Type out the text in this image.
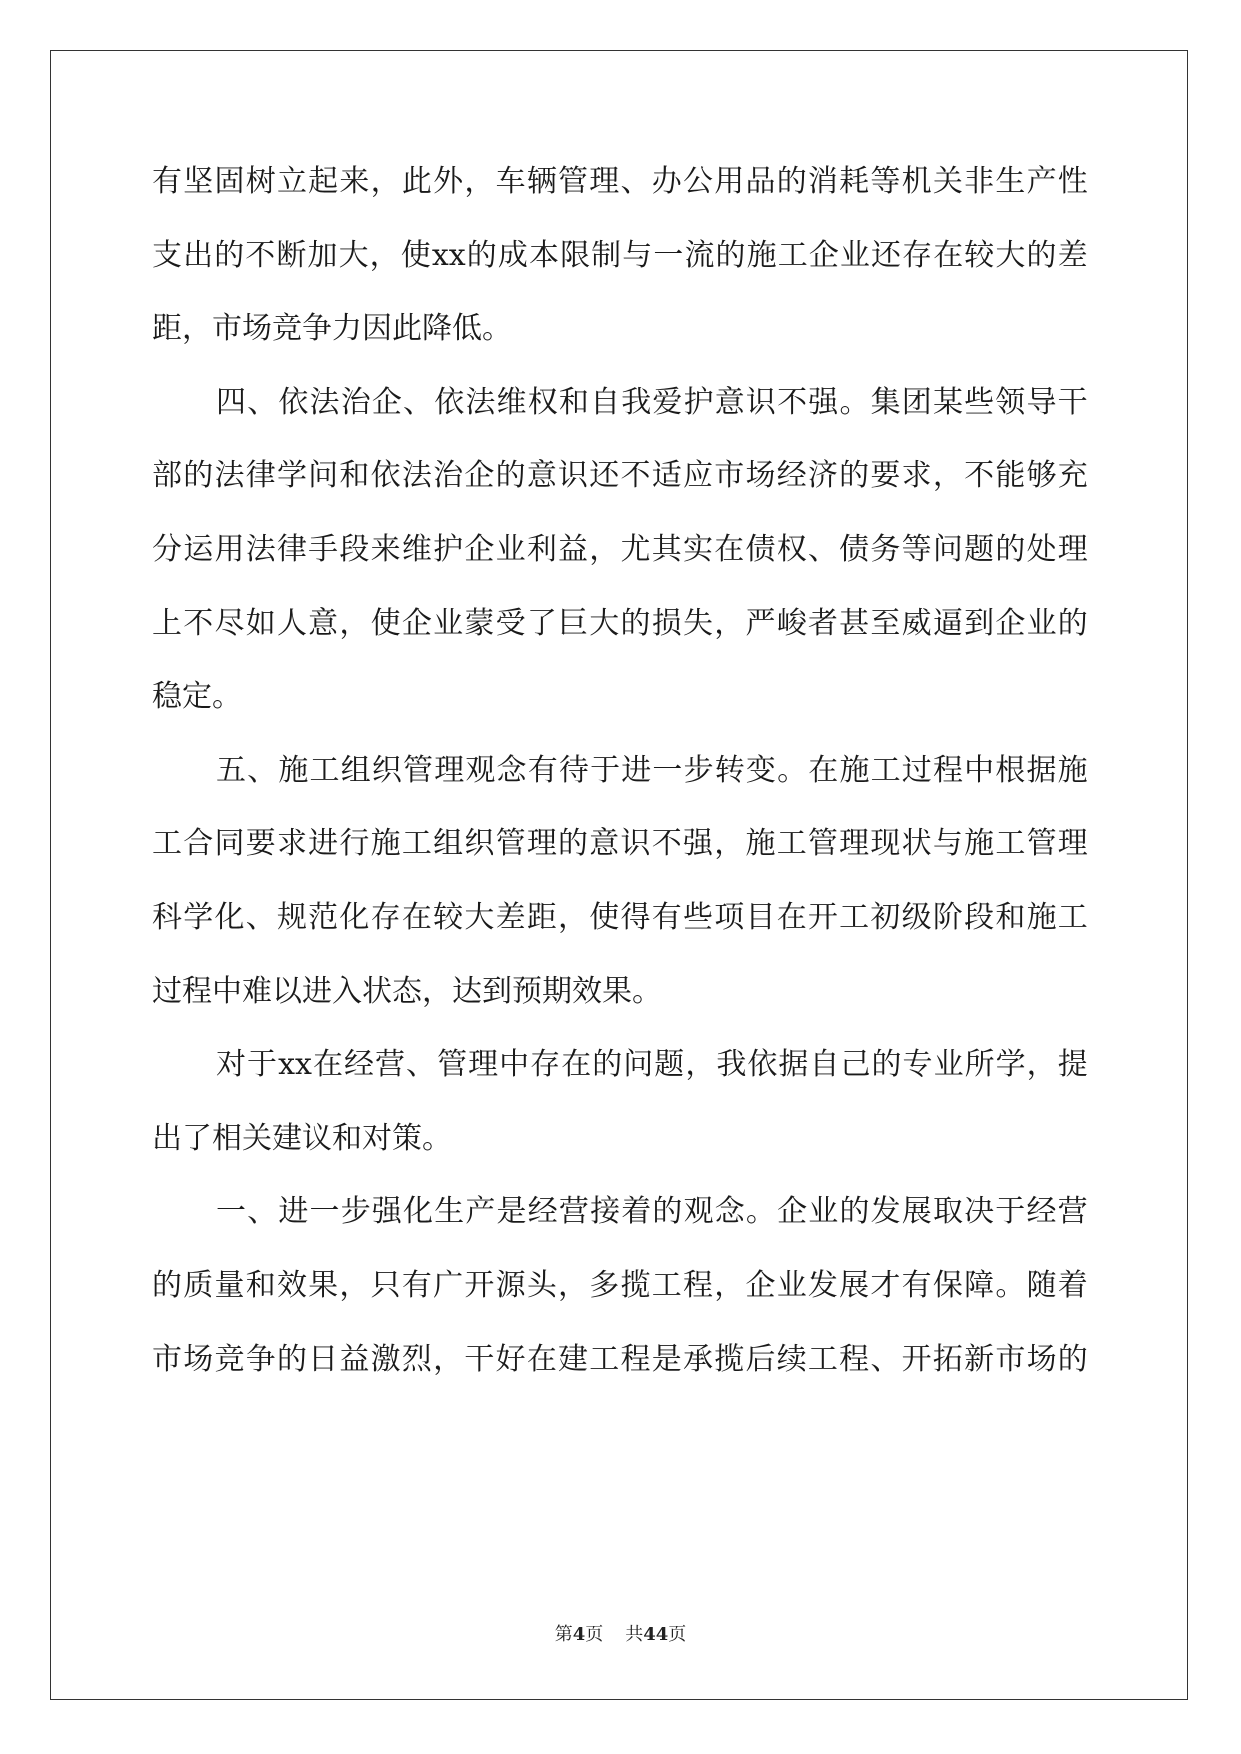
有 坚 固 树 立 起 来 ， 此 外 ， 车 辆 管 理 、 办 公 用 品 的 消 耗 等 机 关 非 生 产 性
支 出 的 不 断 加 大 ， 使 xx 的 成 本 限 制 与 一 流 的 施 工 企 业 还 存 在 较 大 的 差
距，市场竞争力因此降低。
四 、 依 法 治 企 、 依 法 维 权 和 自 我 爱 护 意 识 不 强 。 集 团 某 些 领 导 干
部 的 法 律 学 问 和 依 法 治 企 的 意 识 还 不 适 应 市 场 经 济 的 要 求 ， 不 能 够 充
分 运 用 法 律 手 段 来 维 护 企 业 利 益 ， 尤 其 实 在 债 权 、 债 务 等 问 题 的 处 理
上 不 尽 如 人 意 ， 使 企 业 蒙 受 了 巨 大 的 损 失 ， 严 峻 者 甚 至 威 逼 到 企 业 的
稳定。
五 、 施 工 组 织 管 理 观 念 有 待 于 进 一 步 转 变 。 在 施 工 过 程 中 根 据 施
工 合 同 要 求 进 行 施 工 组 织 管 理 的 意 识 不 强 ， 施 工 管 理 现 状 与 施 工 管 理
科 学 化 、 规 范 化 存 在 较 大 差 距 ， 使 得 有 些 项 目 在 开 工 初 级 阶 段 和 施 工
过程中难以进入状态，达到预期效果。
对 于 xx 在 经 营 、 管 理 中 存 在 的 问 题 ， 我 依 据 自 己 的 专 业 所 学 ， 提
出了相关建议和对策。
一 、 进 一 步 强 化 生 产 是 经 营 接 着 的 观 念 。 企 业 的 发 展 取 决 于 经 营
的 质 量 和 效 果 ， 只 有 广 开 源 头 ， 多 揽 工 程 ， 企 业 发 展 才 有 保 障 。 随 着
市 场 竞 争 的 日 益 激 烈 ， 干 好 在 建 工 程 是 承 揽 后 续 工 程 、 开 拓 新 市 场 的
第4页 共44页
